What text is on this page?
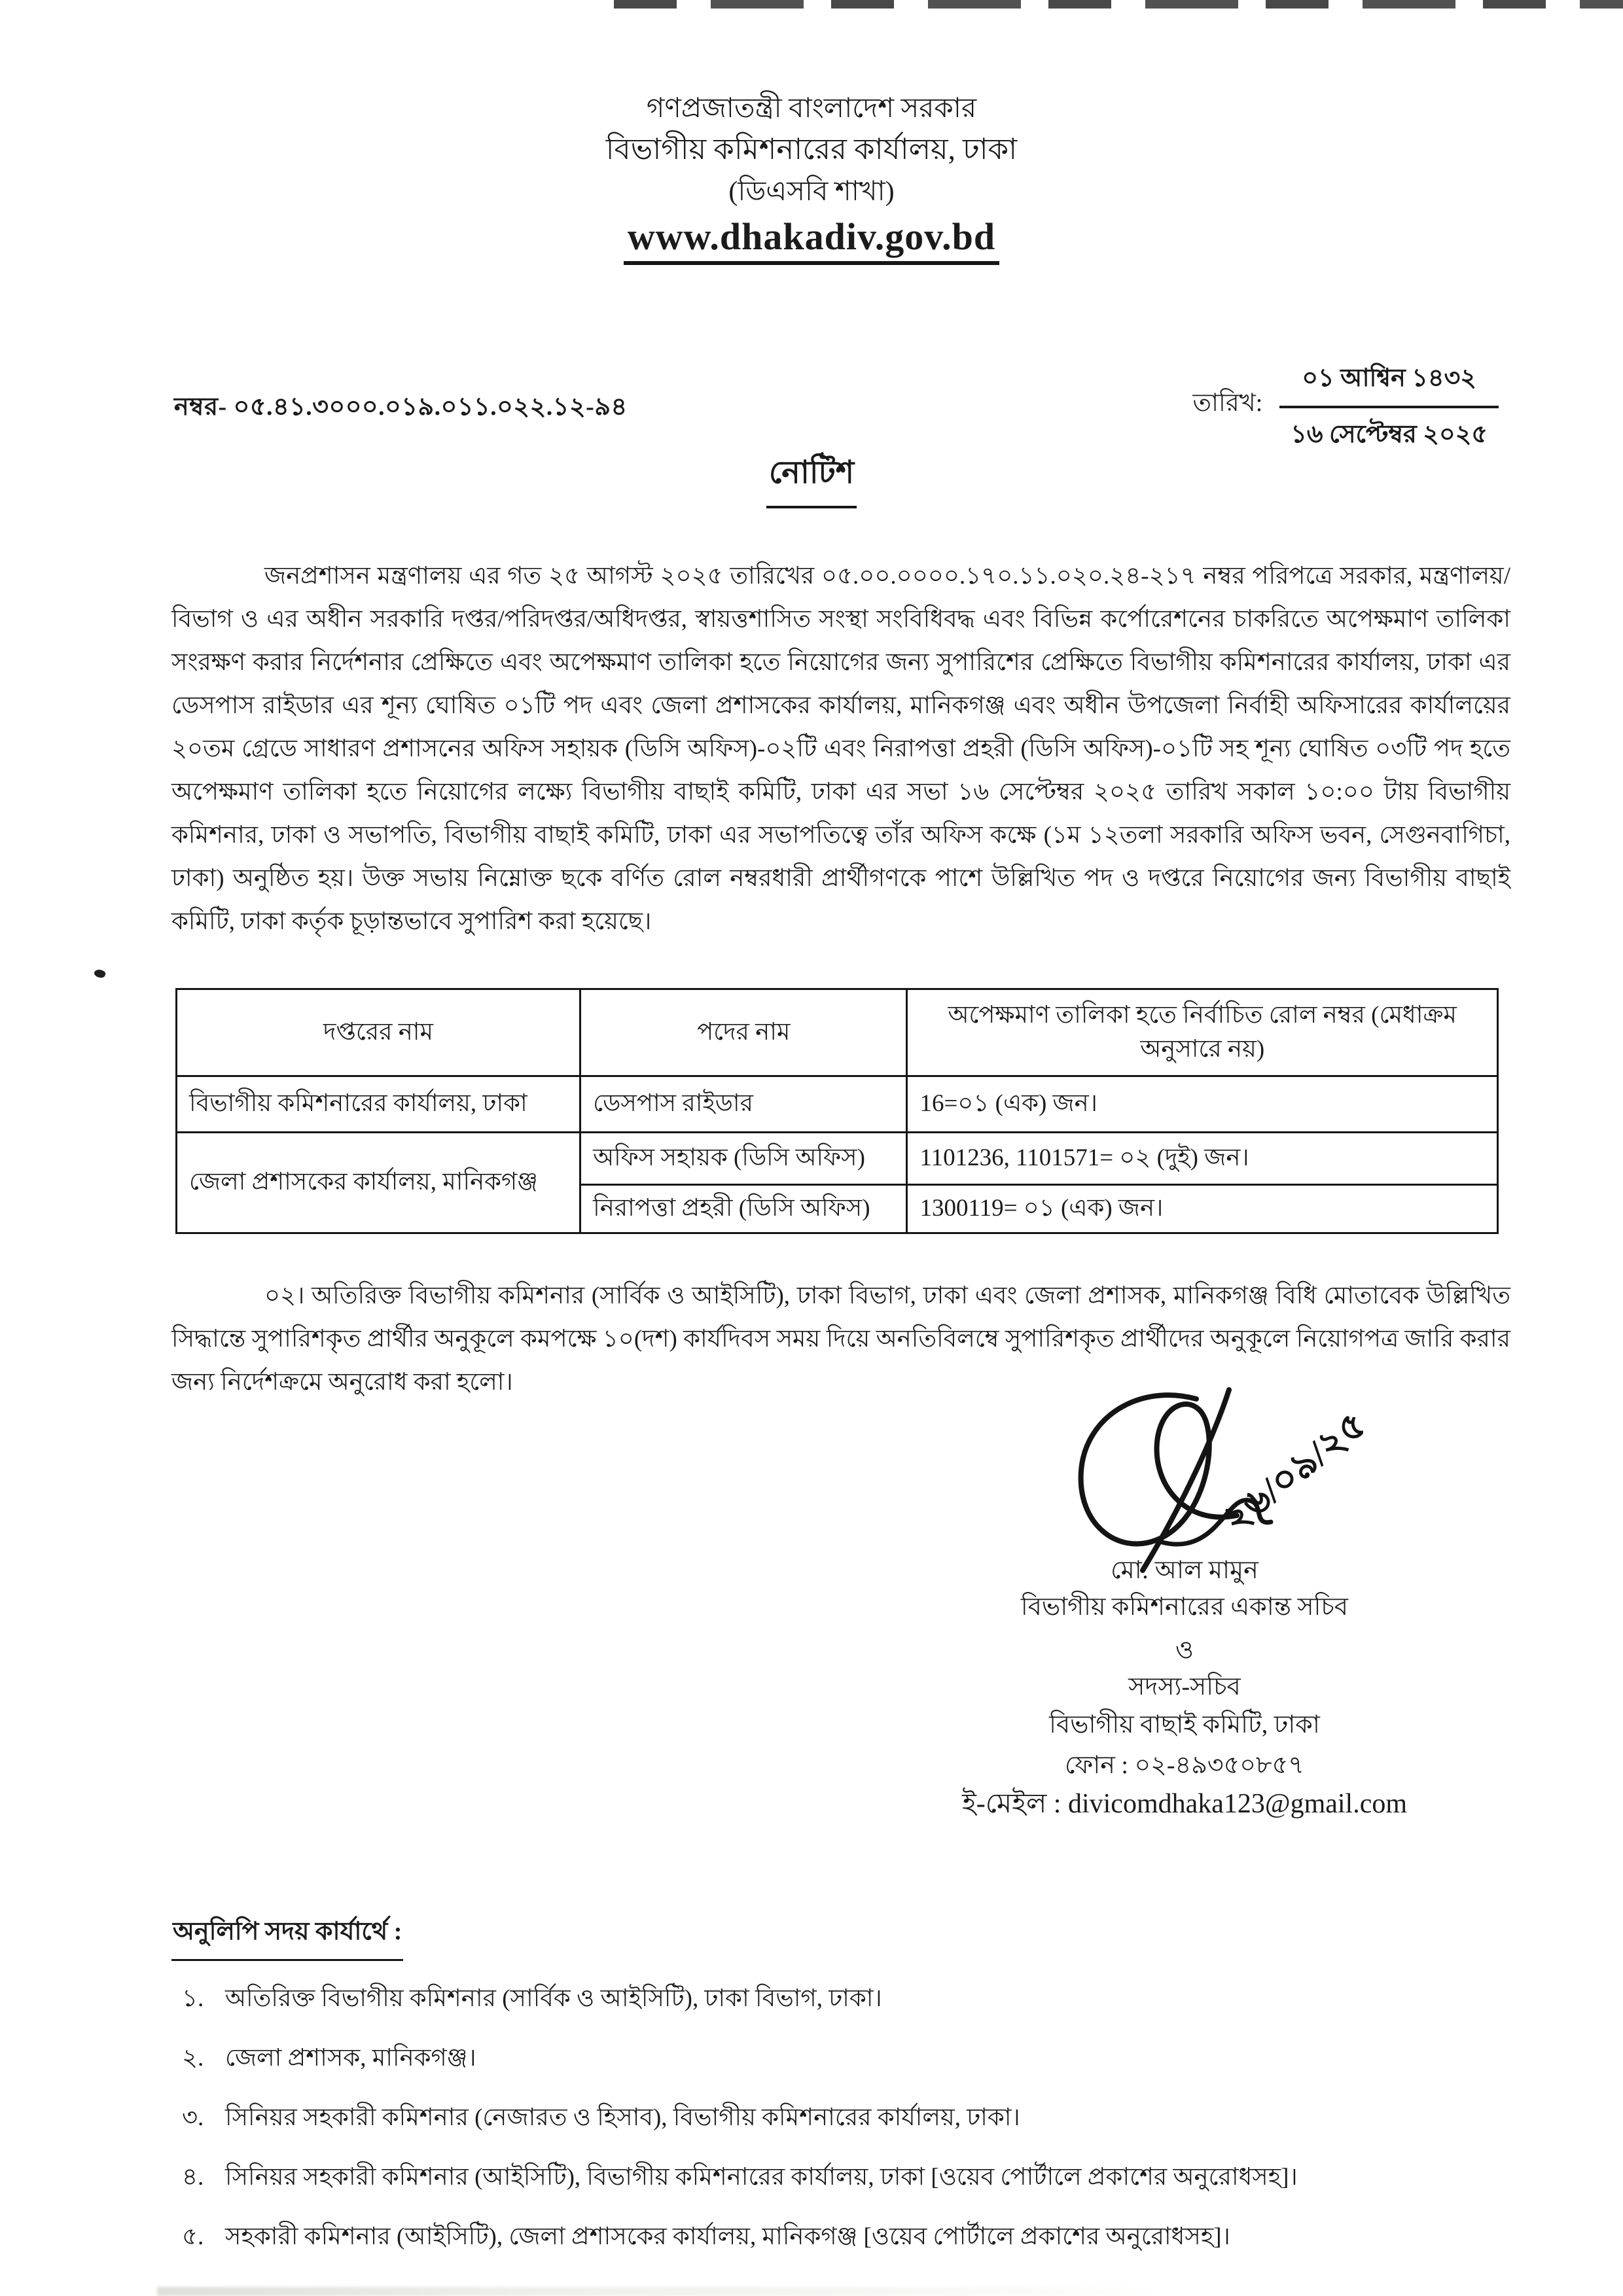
গণপ্রজাতন্ত্রী বাংলাদেশ সরকার
বিভাগীয় কমিশনারের কার্যালয়, ঢাকা
(ডিএসবি শাখা)
www.dhakadiv.gov.bd
নম্বর- ০৫.৪১.৩০০০.০১৯.০১১.০২২.১২-৯৪	তারিখ: $\frac{\text{০১ আশ্বিন ১৪৩২}}{\text{১৬ সেপ্টেম্বর ২০২৫}}$
নোটিশ
জনপ্রশাসন মন্ত্রণালয় এর গত ২৫ আগস্ট ২০২৫ তারিখের ০৫.০০.০০০০.১৭০.১১.০২০.২৪-২১৭ নম্বর পরিপত্রে সরকার, মন্ত্রণালয়/বিভাগ ও এর অধীন সরকারি দপ্তর/পরিদপ্তর/অধিদপ্তর, স্বায়ত্তশাসিত সংস্থা সংবিধিবদ্ধ এবং বিভিন্ন কর্পোরেশনের চাকরিতে অপেক্ষমাণ তালিকা সংরক্ষণ করার নির্দেশনার প্রেক্ষিতে এবং অপেক্ষমাণ তালিকা হতে নিয়োগের জন্য সুপারিশের প্রেক্ষিতে বিভাগীয় কমিশনারের কার্যালয়, ঢাকা এর ডেসপাস রাইডার এর শূন্য ঘোষিত ০১টি পদ এবং জেলা প্রশাসকের কার্যালয়, মানিকগঞ্জ এবং অধীন উপজেলা নির্বাহী অফিসারের কার্যালয়ের ২০তম গ্রেডে সাধারণ প্রশাসনের অফিস সহায়ক (ডিসি অফিস)-০২টি এবং নিরাপত্তা প্রহরী (ডিসি অফিস)-০১টি সহ শূন্য ঘোষিত ০৩টি পদ হতে অপেক্ষমাণ তালিকা হতে নিয়োগের লক্ষ্যে বিভাগীয় বাছাই কমিটি, ঢাকা এর সভা ১৬ সেপ্টেম্বর ২০২৫ তারিখ সকাল ১০:০০ টায় বিভাগীয় কমিশনার, ঢাকা ও সভাপতি, বিভাগীয় বাছাই কমিটি, ঢাকা এর সভাপতিত্বে তাঁর অফিস কক্ষে (১ম ১২তলা সরকারি অফিস ভবন, সেগুনবাগিচা, ঢাকা) অনুষ্ঠিত হয়। উক্ত সভায় নিম্নোক্ত ছকে বর্ণিত রোল নম্বরধারী প্রার্থীগণকে পাশে উল্লিখিত পদ ও দপ্তরে নিয়োগের জন্য বিভাগীয় বাছাই কমিটি, ঢাকা কর্তৃক চূড়ান্তভাবে সুপারিশ করা হয়েছে।
দপ্তরের নাম	পদের নাম	অপেক্ষমাণ তালিকা হতে নির্বাচিত রোল নম্বর (মেধাক্রম অনুসারে নয়)
বিভাগীয় কমিশনারের কার্যালয়, ঢাকা	ডেসপাস রাইডার	16=০১ (এক) জন।
জেলা প্রশাসকের কার্যালয়, মানিকগঞ্জ	অফিস সহায়ক (ডিসি অফিস)	1101236, 1101571= ০২ (দুই) জন।
	নিরাপত্তা প্রহরী (ডিসি অফিস)	1300119= ০১ (এক) জন।
০২। অতিরিক্ত বিভাগীয় কমিশনার (সার্বিক ও আইসিটি), ঢাকা বিভাগ, ঢাকা এবং জেলা প্রশাসক, মানিকগঞ্জ বিধি মোতাবেক উল্লিখিত সিদ্ধান্তে সুপারিশকৃত প্রার্থীর অনুকূলে কমপক্ষে ১০(দশ) কার্যদিবস সময় দিয়ে অনতিবিলম্বে সুপারিশকৃত প্রার্থীদের অনুকূলে নিয়োগপত্র জারি করার জন্য নির্দেশক্রমে অনুরোধ করা হলো।
২৬/০৯/২৫
মো: আল মামুন
বিভাগীয় কমিশনারের একান্ত সচিব
ও
সদস্য-সচিব
বিভাগীয় বাছাই কমিটি, ঢাকা
ফোন : ০২-৪৯৩৫০৮৫৭
ই-মেইল : divicomdhaka123@gmail.com
অনুলিপি সদয় কার্যার্থে :
১. অতিরিক্ত বিভাগীয় কমিশনার (সার্বিক ও আইসিটি), ঢাকা বিভাগ, ঢাকা।
২. জেলা প্রশাসক, মানিকগঞ্জ।
৩. সিনিয়র সহকারী কমিশনার (নেজারত ও হিসাব), বিভাগীয় কমিশনারের কার্যালয়, ঢাকা।
৪. সিনিয়র সহকারী কমিশনার (আইসিটি), বিভাগীয় কমিশনারের কার্যালয়, ঢাকা [ওয়েব পোর্টালে প্রকাশের অনুরোধসহ]।
৫. সহকারী কমিশনার (আইসিটি), জেলা প্রশাসকের কার্যালয়, মানিকগঞ্জ [ওয়েব পোর্টালে প্রকাশের অনুরোধসহ]।
